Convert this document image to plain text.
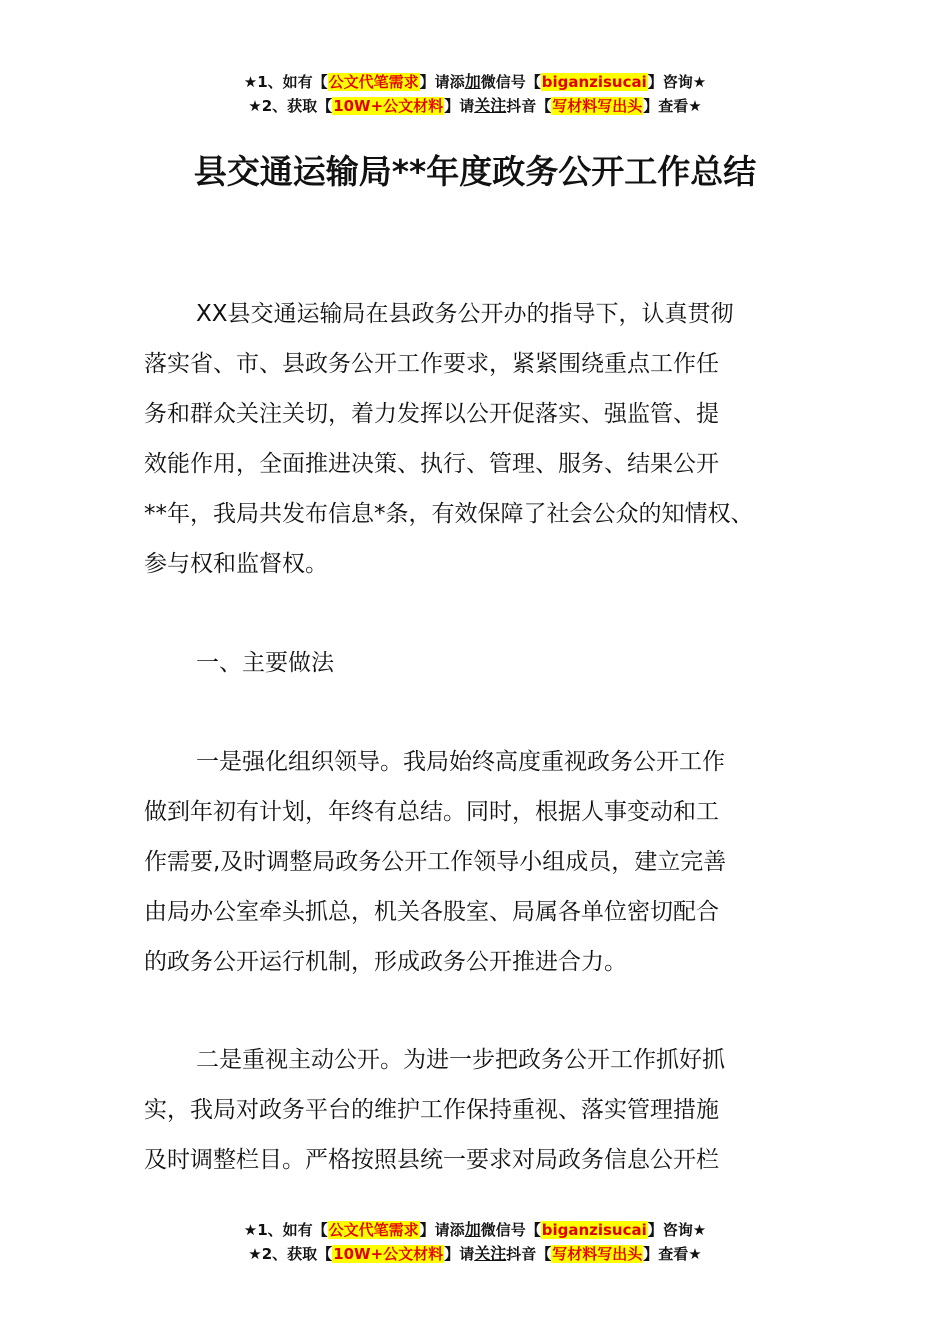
★1、如有【公文代笔需求】请添加微信号【biganzisucai】咨询★
★2、获取【10W+公文材料】请关注抖音【写材料写出头】查看★
县交通运输局**年度政务公开工作总结
XX县交通运输局在县政务公开办的指导下，认真贯彻
落实省、市、县政务公开工作要求，紧紧围绕重点工作任
务和群众关注关切，着力发挥以公开促落实、强监管、提
效能作用，全面推进决策、执行、管理、服务、结果公开
**年，我局共发布信息*条，有效保障了社会公众的知情权、
参与权和监督权。
一、主要做法
一是强化组织领导。我局始终高度重视政务公开工作
做到年初有计划，年终有总结。同时，根据人事变动和工
作需要,及时调整局政务公开工作领导小组成员，建立完善
由局办公室牵头抓总，机关各股室、局属各单位密切配合
的政务公开运行机制，形成政务公开推进合力。
二是重视主动公开。为进一步把政务公开工作抓好抓
实，我局对政务平台的维护工作保持重视、落实管理措施
及时调整栏目。严格按照县统一要求对局政务信息公开栏
★1、如有【公文代笔需求】请添加微信号【biganzisucai】咨询★
★2、获取【10W+公文材料】请关注抖音【写材料写出头】查看★
